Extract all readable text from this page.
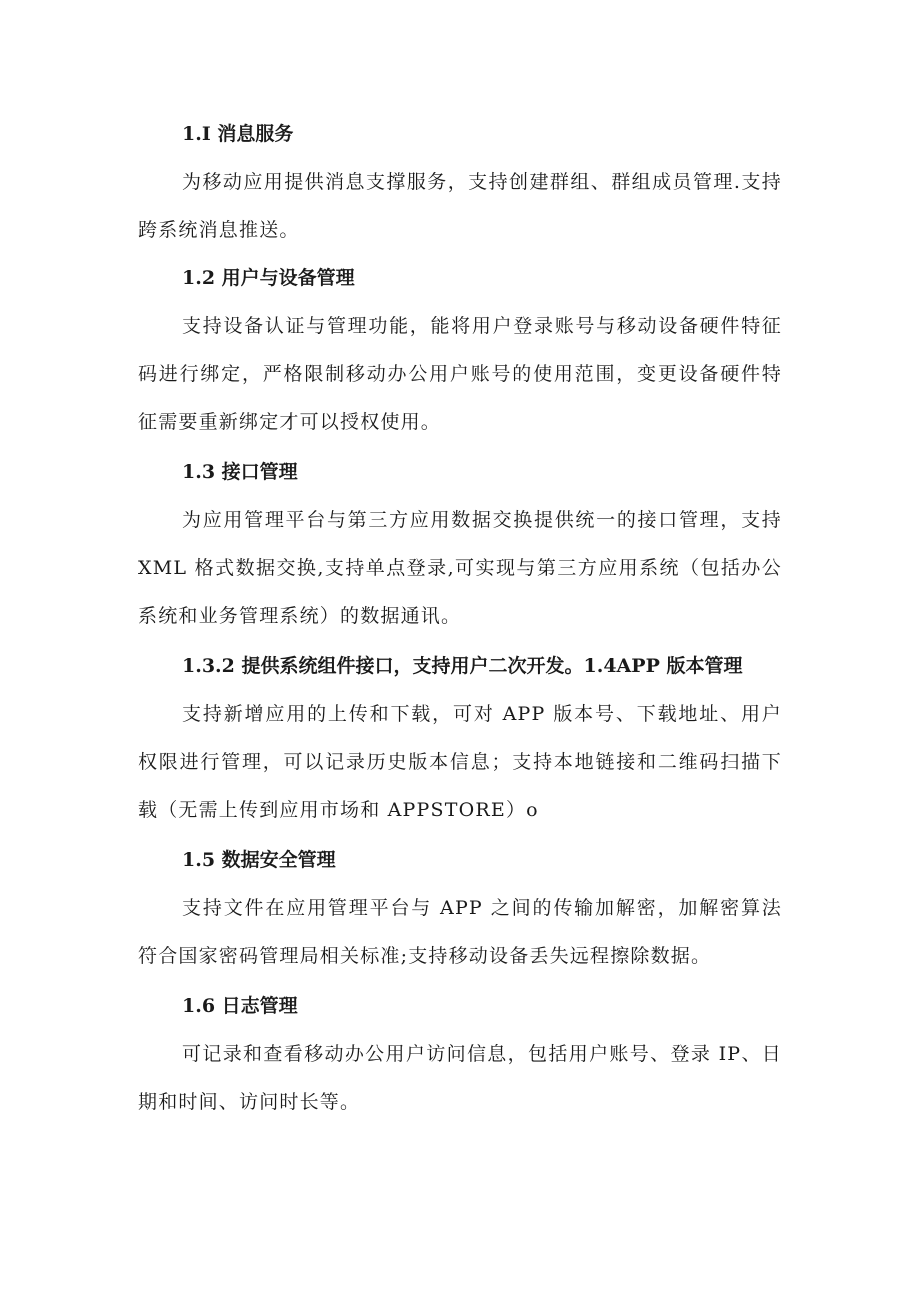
1.I 消息服务

为移动应用提供消息支撑服务，支持创建群组、群组成员管理.支持跨系统消息推送。

1.2 用户与设备管理

支持设备认证与管理功能，能将用户登录账号与移动设备硬件特征码进行绑定，严格限制移动办公用户账号的使用范围，变更设备硬件特征需要重新绑定才可以授权使用。

1.3 接口管理

为应用管理平台与第三方应用数据交换提供统一的接口管理，支持XML 格式数据交换,支持单点登录,可实现与第三方应用系统（包括办公系统和业务管理系统）的数据通讯。

1.3.2 提供系统组件接口，支持用户二次开发。1.4APP 版本管理

支持新增应用的上传和下载，可对 APP 版本号、下载地址、用户权限进行管理，可以记录历史版本信息；支持本地链接和二维码扫描下载（无需上传到应用市场和 APPSTORE）o

1.5 数据安全管理

支持文件在应用管理平台与 APP 之间的传输加解密，加解密算法符合国家密码管理局相关标准;支持移动设备丢失远程擦除数据。

1.6 日志管理

可记录和查看移动办公用户访问信息，包括用户账号、登录 IP、日期和时间、访问时长等。
